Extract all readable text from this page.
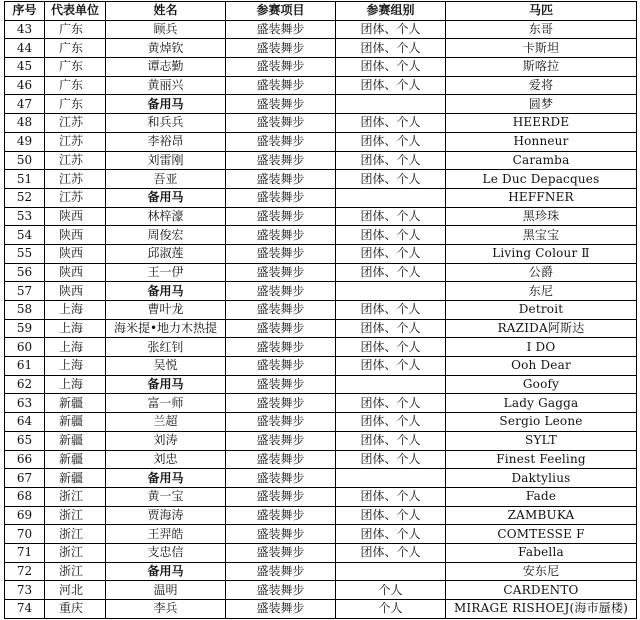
序号	代表单位	姓名	参赛项目	参赛组别	马匹
43	广东	顾兵	盛装舞步	团体、个人	东哥
44	广东	黄焯钦	盛装舞步	团体、个人	卡斯坦
45	广东	谭志勤	盛装舞步	团体、个人	斯喀拉
46	广东	黄丽兴	盛装舞步	团体、个人	爱将
47	广东	备用马	盛装舞步		圆梦
48	江苏	和兵兵	盛装舞步	团体、个人	HEERDE
49	江苏	李裕昂	盛装舞步	团体、个人	Honneur
50	江苏	刘雷刚	盛装舞步	团体、个人	Caramba
51	江苏	吾亚	盛装舞步	团体、个人	Le Duc Depacques
52	江苏	备用马	盛装舞步		HEFFNER
53	陕西	林梓濠	盛装舞步	团体、个人	黑珍珠
54	陕西	周俊宏	盛装舞步	团体、个人	黑宝宝
55	陕西	邱淑莲	盛装舞步	团体、个人	Living Colour Ⅱ
56	陕西	王一伊	盛装舞步	团体、个人	公爵
57	陕西	备用马	盛装舞步		东尼
58	上海	曹叶龙	盛装舞步	团体、个人	Detroit
59	上海	海米提•地力木热提	盛装舞步	团体、个人	RAZIDA阿斯达
60	上海	张红钊	盛装舞步	团体、个人	I DO
61	上海	吴悦	盛装舞步	团体、个人	Ooh Dear
62	上海	备用马	盛装舞步		Goofy
63	新疆	富一师	盛装舞步	团体、个人	Lady Gagga
64	新疆	兰超	盛装舞步	团体、个人	Sergio Leone
65	新疆	刘涛	盛装舞步	团体、个人	SYLT
66	新疆	刘忠	盛装舞步	团体、个人	Finest Feeling
67	新疆	备用马	盛装舞步		Daktylius
68	浙江	黄一宝	盛装舞步	团体、个人	Fade
69	浙江	贾海涛	盛装舞步	团体、个人	ZAMBUKA
70	浙江	王羿皓	盛装舞步	团体、个人	COMTESSE F
71	浙江	支忠信	盛装舞步	团体、个人	Fabella
72	浙江	备用马	盛装舞步		安东尼
73	河北	温明	盛装舞步	个人	CARDENTO
74	重庆	李兵	盛装舞步	个人	MIRAGE RISHOEJ(海市蜃楼)
